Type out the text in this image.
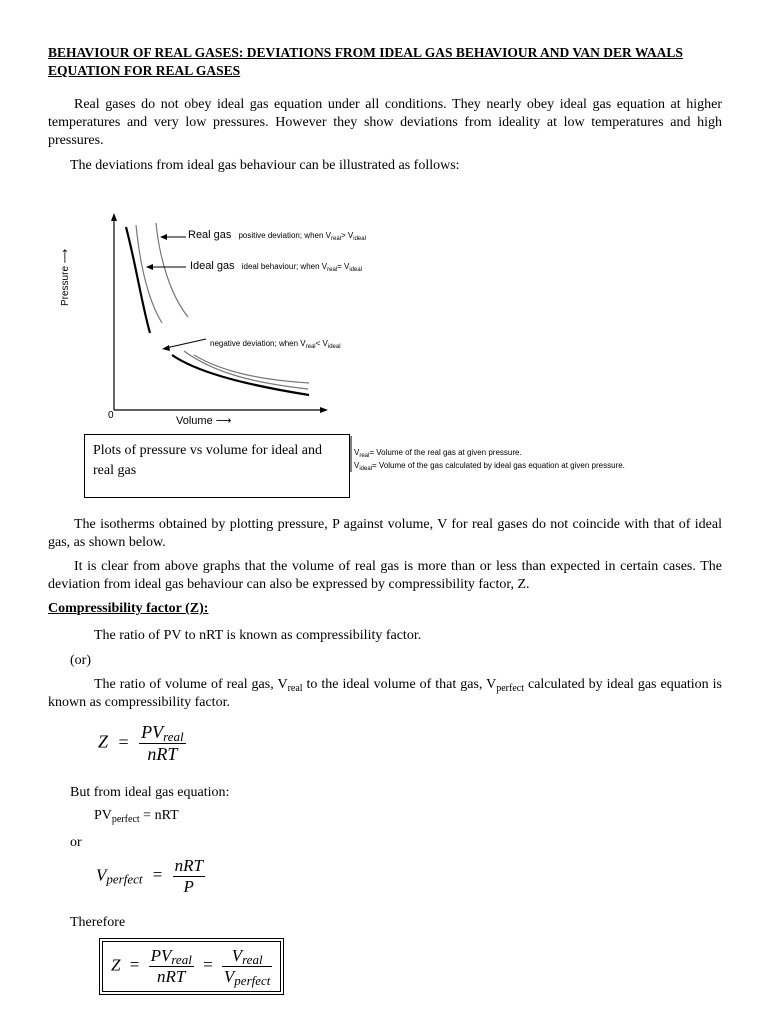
BEHAVIOUR OF REAL GASES: DEVIATIONS FROM IDEAL GAS BEHAVIOUR AND VAN DER WAALS EQUATION FOR REAL GASES
Real gases do not obey ideal gas equation under all conditions. They nearly obey ideal gas equation at higher temperatures and very low pressures. However they show deviations from ideality at low temperatures and high pressures.
The deviations from ideal gas behaviour can be illustrated as follows:
Real gas positive deviation; when $V_{real}> V_{ideal}$
Ideal gas ideal behaviour; when $V_{real}= V_{ideal}$
negative deviation; when $V_{real}< V_{ideal}$
Pressure ⟶
0	Volume ⟶
Plots of pressure vs volume for ideal and real gas
$V_{real}=$ Volume of the real gas at given pressure.
$V_{ideal}=$ Volume of the gas calculated by ideal gas equation at given pressure.
The isotherms obtained by plotting pressure, P against volume, V for real gases do not coincide with that of ideal gas, as shown below.
It is clear from above graphs that the volume of real gas is more than or less than expected in certain cases. The deviation from ideal gas behaviour can also be expressed by compressibility factor, Z.
Compressibility factor (Z):
The ratio of PV to nRT is known as compressibility factor.
(or)
The ratio of volume of real gas, $V_{real}$ to the ideal volume of that gas, $V_{perfect}$ calculated by ideal gas equation is known as compressibility factor.
$Z = \frac{PV_{real}}{\text{nRT}}$
But from ideal gas equation:
$PV_{perfect}$ = nRT
or
$V_{perfect} = \frac{\text{nRT}}{P}$
Therefore
$Z = \frac{PV_{real}}{\text{nRT}} = \frac{V_{real}}{V_{perfect}}$
